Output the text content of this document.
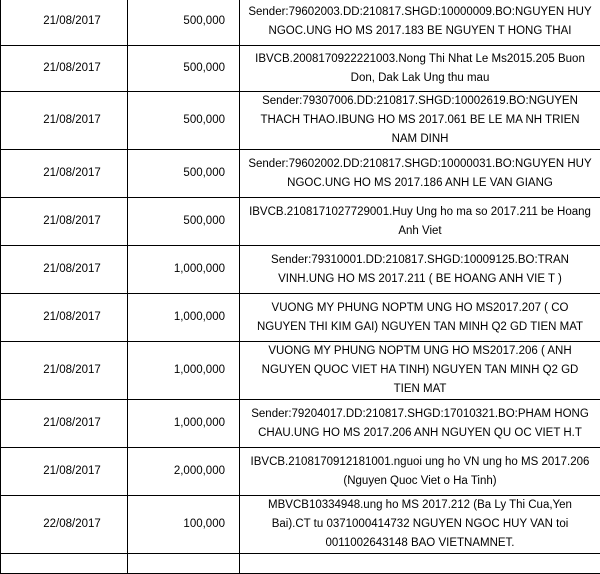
21/08/2017	500,000	Sender:79602003.DD:210817.SHGD:10000009.BO:NGUYEN HUY NGOC.UNG HO MS 2017.183 BE NGUYEN T HONG THAI
21/08/2017	500,000	IBVCB.2008170922221003.Nong Thi Nhat Le Ms2015.205 Buon Don, Dak Lak Ung thu mau
21/08/2017	500,000	Sender:79307006.DD:210817.SHGD:10002619.BO:NGUYEN THACH THAO.IBUNG HO MS 2017.061 BE LE MA NH TRIEN NAM DINH
21/08/2017	500,000	Sender:79602002.DD:210817.SHGD:10000031.BO:NGUYEN HUY NGOC.UNG HO MS 2017.186 ANH LE VAN GIANG
21/08/2017	500,000	IBVCB.2108171027729001.Huy Ung ho ma so 2017.211 be Hoang Anh Viet
21/08/2017	1,000,000	Sender:79310001.DD:210817.SHGD:10009125.BO:TRAN VINH.UNG HO MS 2017.211 ( BE HOANG ANH VIE T )
21/08/2017	1,000,000	VUONG MY PHUNG NOPTM UNG HO MS2017.207 ( CO NGUYEN THI KIM GAI) NGUYEN TAN MINH Q2 GD TIEN MAT
21/08/2017	1,000,000	VUONG MY PHUNG NOPTM UNG HO MS2017.206 ( ANH NGUYEN QUOC VIET HA TINH) NGUYEN TAN MINH Q2 GD TIEN MAT
21/08/2017	1,000,000	Sender:79204017.DD:210817.SHGD:17010321.BO:PHAM HONG CHAU.UNG HO MS 2017.206 ANH NGUYEN QU OC VIET H.T
21/08/2017	2,000,000	IBVCB.2108170912181001.nguoi ung ho VN ung ho MS 2017.206 (Nguyen Quoc Viet o Ha Tinh)
22/08/2017	100,000	MBVCB10334948.ung ho MS 2017.212 (Ba Ly Thi Cua,Yen Bai).CT tu 0371000414732 NGUYEN NGOC HUY VAN toi 0011002643148 BAO VIETNAMNET.
